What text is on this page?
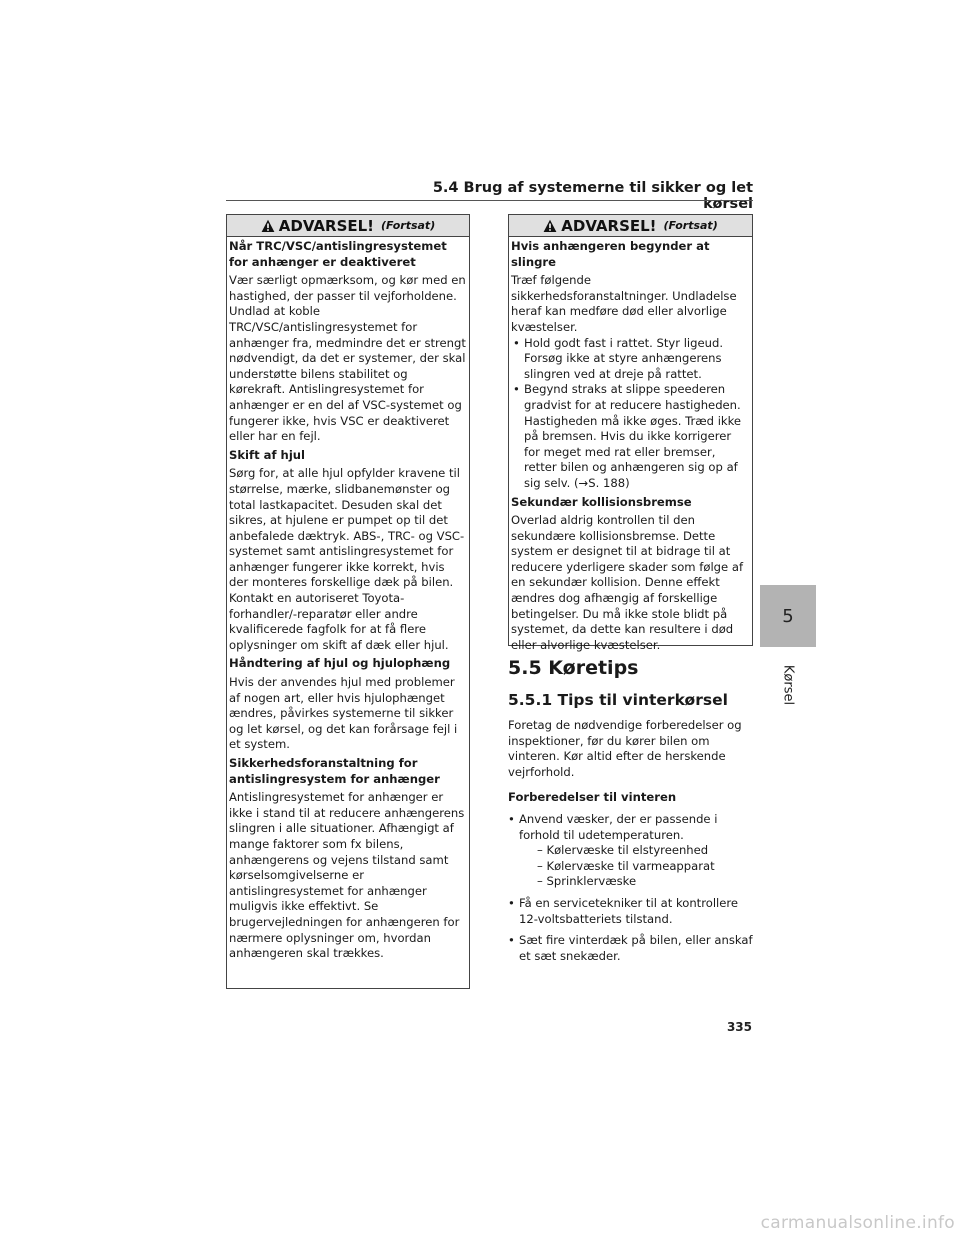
5.4 Brug af systemerne til sikker og let kørsel
ADVARSEL! (Fortsat)
Når TRC/VSC/antislingresystemet for anhænger er deaktiveret
Vær særligt opmærksom, og kør med en hastighed, der passer til vejforholdene. Undlad at koble TRC/VSC/antislingresystemet for anhænger fra, medmindre det er strengt nødvendigt, da det er systemer, der skal understøtte bilens stabilitet og kørekraft. Antislingresystemet for anhænger er en del af VSC-systemet og fungerer ikke, hvis VSC er deaktiveret eller har en fejl.
Skift af hjul
Sørg for, at alle hjul opfylder kravene til størrelse, mærke, slidbanemønster og total lastkapacitet. Desuden skal det sikres, at hjulene er pumpet op til det anbefalede dæktryk. ABS-, TRC- og VSC-systemet samt antislingresystemet for anhænger fungerer ikke korrekt, hvis der monteres forskellige dæk på bilen. Kontakt en autoriseret Toyota-forhandler/-reparatør eller andre kvalificerede fagfolk for at få flere oplysninger om skift af dæk eller hjul.
Håndtering af hjul og hjulophæng
Hvis der anvendes hjul med problemer af nogen art, eller hvis hjulophænget ændres, påvirkes systemerne til sikker og let kørsel, og det kan forårsage fejl i et system.
Sikkerhedsforanstaltning for antislingresystem for anhænger
Antislingresystemet for anhænger er ikke i stand til at reducere anhængerens slingren i alle situationer. Afhængigt af mange faktorer som fx bilens, anhængerens og vejens tilstand samt kørselsomgivelserne er antislingresystemet for anhænger muligvis ikke effektivt. Se brugervejledningen for anhængeren for nærmere oplysninger om, hvordan anhængeren skal trækkes.
ADVARSEL! (Fortsat)
Hvis anhængeren begynder at slingre
Træf følgende sikkerhedsforanstaltninger. Undladelse heraf kan medføre død eller alvorlige kvæstelser.
• Hold godt fast i rattet. Styr ligeud. Forsøg ikke at styre anhængerens slingren ved at dreje på rattet.
• Begynd straks at slippe speederen gradvist for at reducere hastigheden. Hastigheden må ikke øges. Træd ikke på bremsen. Hvis du ikke korrigerer for meget med rat eller bremser, retter bilen og anhængeren sig op af sig selv. (→S. 188)
Sekundær kollisionsbremse
Overlad aldrig kontrollen til den sekundære kollisionsbremse. Dette system er designet til at bidrage til at reducere yderligere skader som følge af en sekundær kollision. Denne effekt ændres dog afhængig af forskellige betingelser. Du må ikke stole blidt på systemet, da dette kan resultere i død eller alvorlige kvæstelser.
5.5 Køretips
5.5.1 Tips til vinterkørsel
Foretag de nødvendige forberedelser og inspektioner, før du kører bilen om vinteren. Kør altid efter de herskende vejrforhold.
Forberedelser til vinteren
• Anvend væsker, der er passende i forhold til udetemperaturen.
– Kølervæske til elstyreenhed
– Kølervæske til varmeapparat
– Sprinklervæske
• Få en servicetekniker til at kontrollere 12-voltsbatteriets tilstand.
• Sæt fire vinterdæk på bilen, eller anskaf et sæt snekæder.
5
Kørsel
335
carmanualsonline.info
